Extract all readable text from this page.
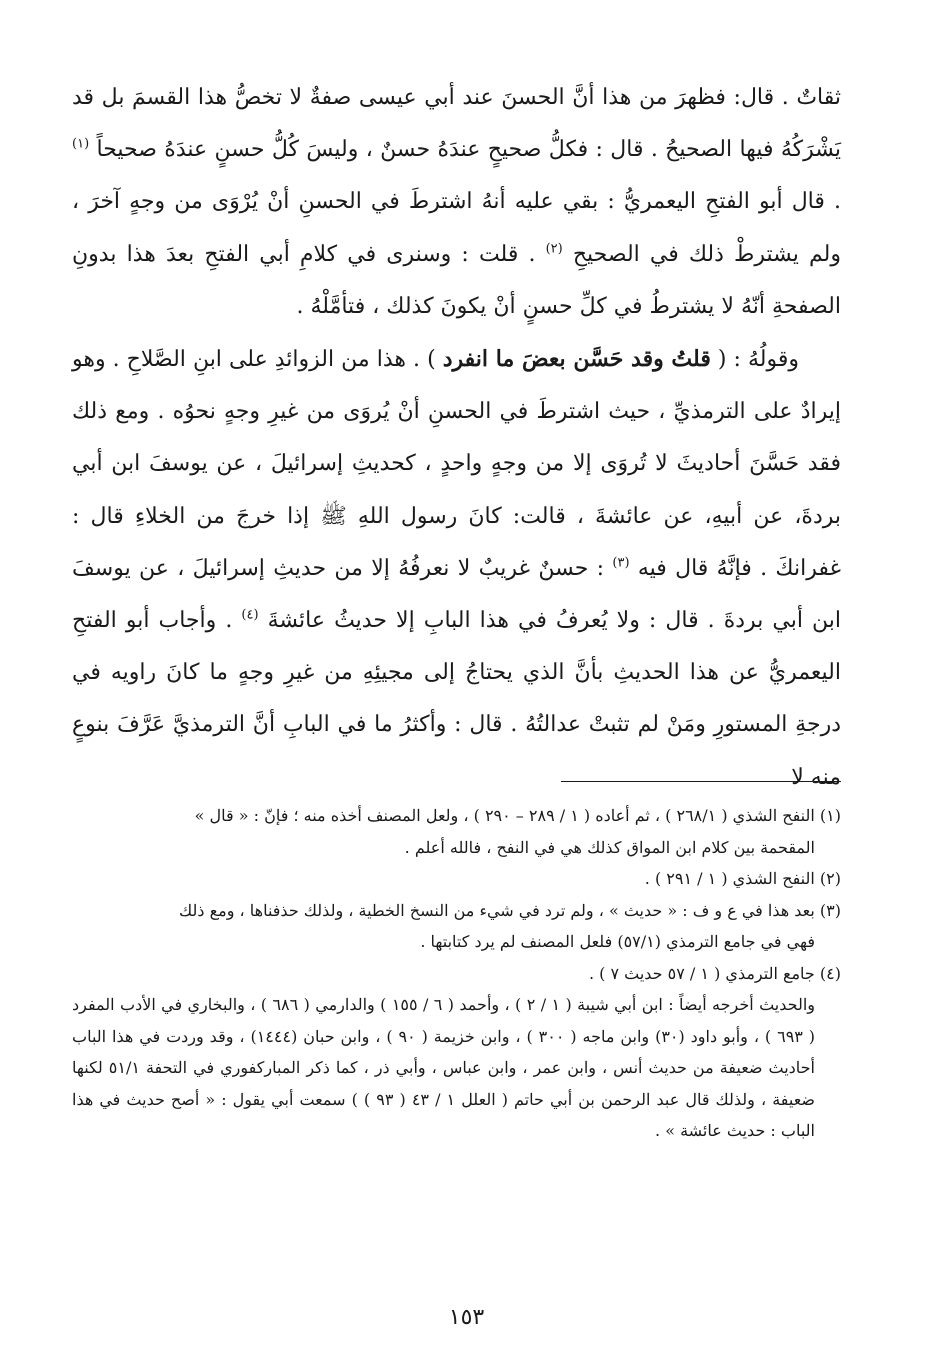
ثقاتٌ . قال: فظهرَ من هذا أنَّ الحسنَ عند أبي عيسى صفةٌ لا تخصُّ هذا القسمَ بل قد يَشْرَكُهُ فيها الصحيحُ . قال : فكلُّ صحيحٍ عندَهُ حسنٌ ، وليسَ كُلُّ حسنٍ عندَهُ صحيحاً $^{(١)}$ . قال أبو الفتحِ اليعمريُّ : بقي عليه أنهُ اشترطَ في الحسنِ أنْ يُرْوَى من وجهٍ آخرَ ، ولم يشترطْ ذلك في الصحيحِ $^{(٢)}$ . قلت : وسنرى في كلامِ أبي الفتحِ بعدَ هذا بدونِ الصفحةِ أنّهُ لا يشترطُ في كلِّ حسنٍ أنْ يكونَ كذلك ، فتأمَّلْهُ .

وقولُهُ : ( قلتُ وقد حَسَّن بعضَ ما انفرد ) . هذا من الزوائدِ على ابنِ الصَّلاحِ . وهو إيرادٌ على الترمذيِّ ، حيث اشترطَ في الحسنِ أنْ يُروَى من غيرِ وجهٍ نحوُه . ومع ذلك فقد حَسَّنَ أحاديثَ لا تُروَى إلا من وجهٍ واحدٍ ، كحديثِ إسرائيلَ ، عن يوسفَ ابن أبي بردةَ، عن أبيهِ، عن عائشةَ ، قالت: كانَ رسول اللهِ ﷺ إذا خرجَ من الخلاءِ قال : غفرانكَ . فإنَّهُ قال فيه $^{(٣)}$ : حسنٌ غريبٌ لا نعرفُهُ إلا من حديثِ إسرائيلَ ، عن يوسفَ ابن أبي بردةَ . قال : ولا يُعرفُ في هذا البابِ إلا حديثُ عائشةَ $^{(٤)}$ . وأجاب أبو الفتحِ اليعمريُّ عن هذا الحديثِ بأنَّ الذي يحتاجُ إلى مجيئِهِ من غيرِ وجهٍ ما كانَ راويه في درجةِ المستورِ ومَنْ لم تثبتْ عدالتُهُ . قال : وأكثرُ ما في البابِ أنَّ الترمذيَّ عَرَّفَ بنوعٍ منه لا

(١) النفح الشذي ( ٢٦٨/١ ) ، ثم أعاده ( ١ / ٢٨٩ – ٢٩٠ ) ، ولعل المصنف أخذه منه ؛ فإنّ : « قال »
المقحمة بين كلام ابن المواق كذلك هي في النفح ، فالله أعلم .

(٢) النفح الشذي ( ١ / ٢٩١ ) .

(٣) بعد هذا في ع و ف : « حديث » ، ولم ترد في شيء من النسخ الخطية ، ولذلك حذفناها ، ومع ذلك
فهي في جامع الترمذي (٥٧/١) فلعل المصنف لم يرد كتابتها .

(٤) جامع الترمذي ( ١ / ٥٧ حديث ٧ ) .

والحديث أخرجه أيضاً : ابن أبي شيبة ( ١ / ٢ ) ، وأحمد ( ٦ / ١٥٥ ) والدارمي ( ٦٨٦ ) ، والبخاري في الأدب المفرد ( ٦٩٣ ) ، وأبو داود (٣٠) وابن ماجه ( ٣٠٠ ) ، وابن خزيمة ( ٩٠ ) ، وابن حبان (١٤٤٤) ، وقد وردت في هذا الباب أحاديث ضعيفة من حديث أنس ، وابن عمر ، وابن عباس ، وأبي ذر ، كما ذكر المباركفوري في التحفة ٥١/١ لكنها ضعيفة ، ولذلك قال عبد الرحمن بن أبي حاتم ( العلل ١ / ٤٣ ( ٩٣ ) ) سمعت أبي يقول : « أصح حديث في هذا الباب : حديث عائشة » .

١٥٣
